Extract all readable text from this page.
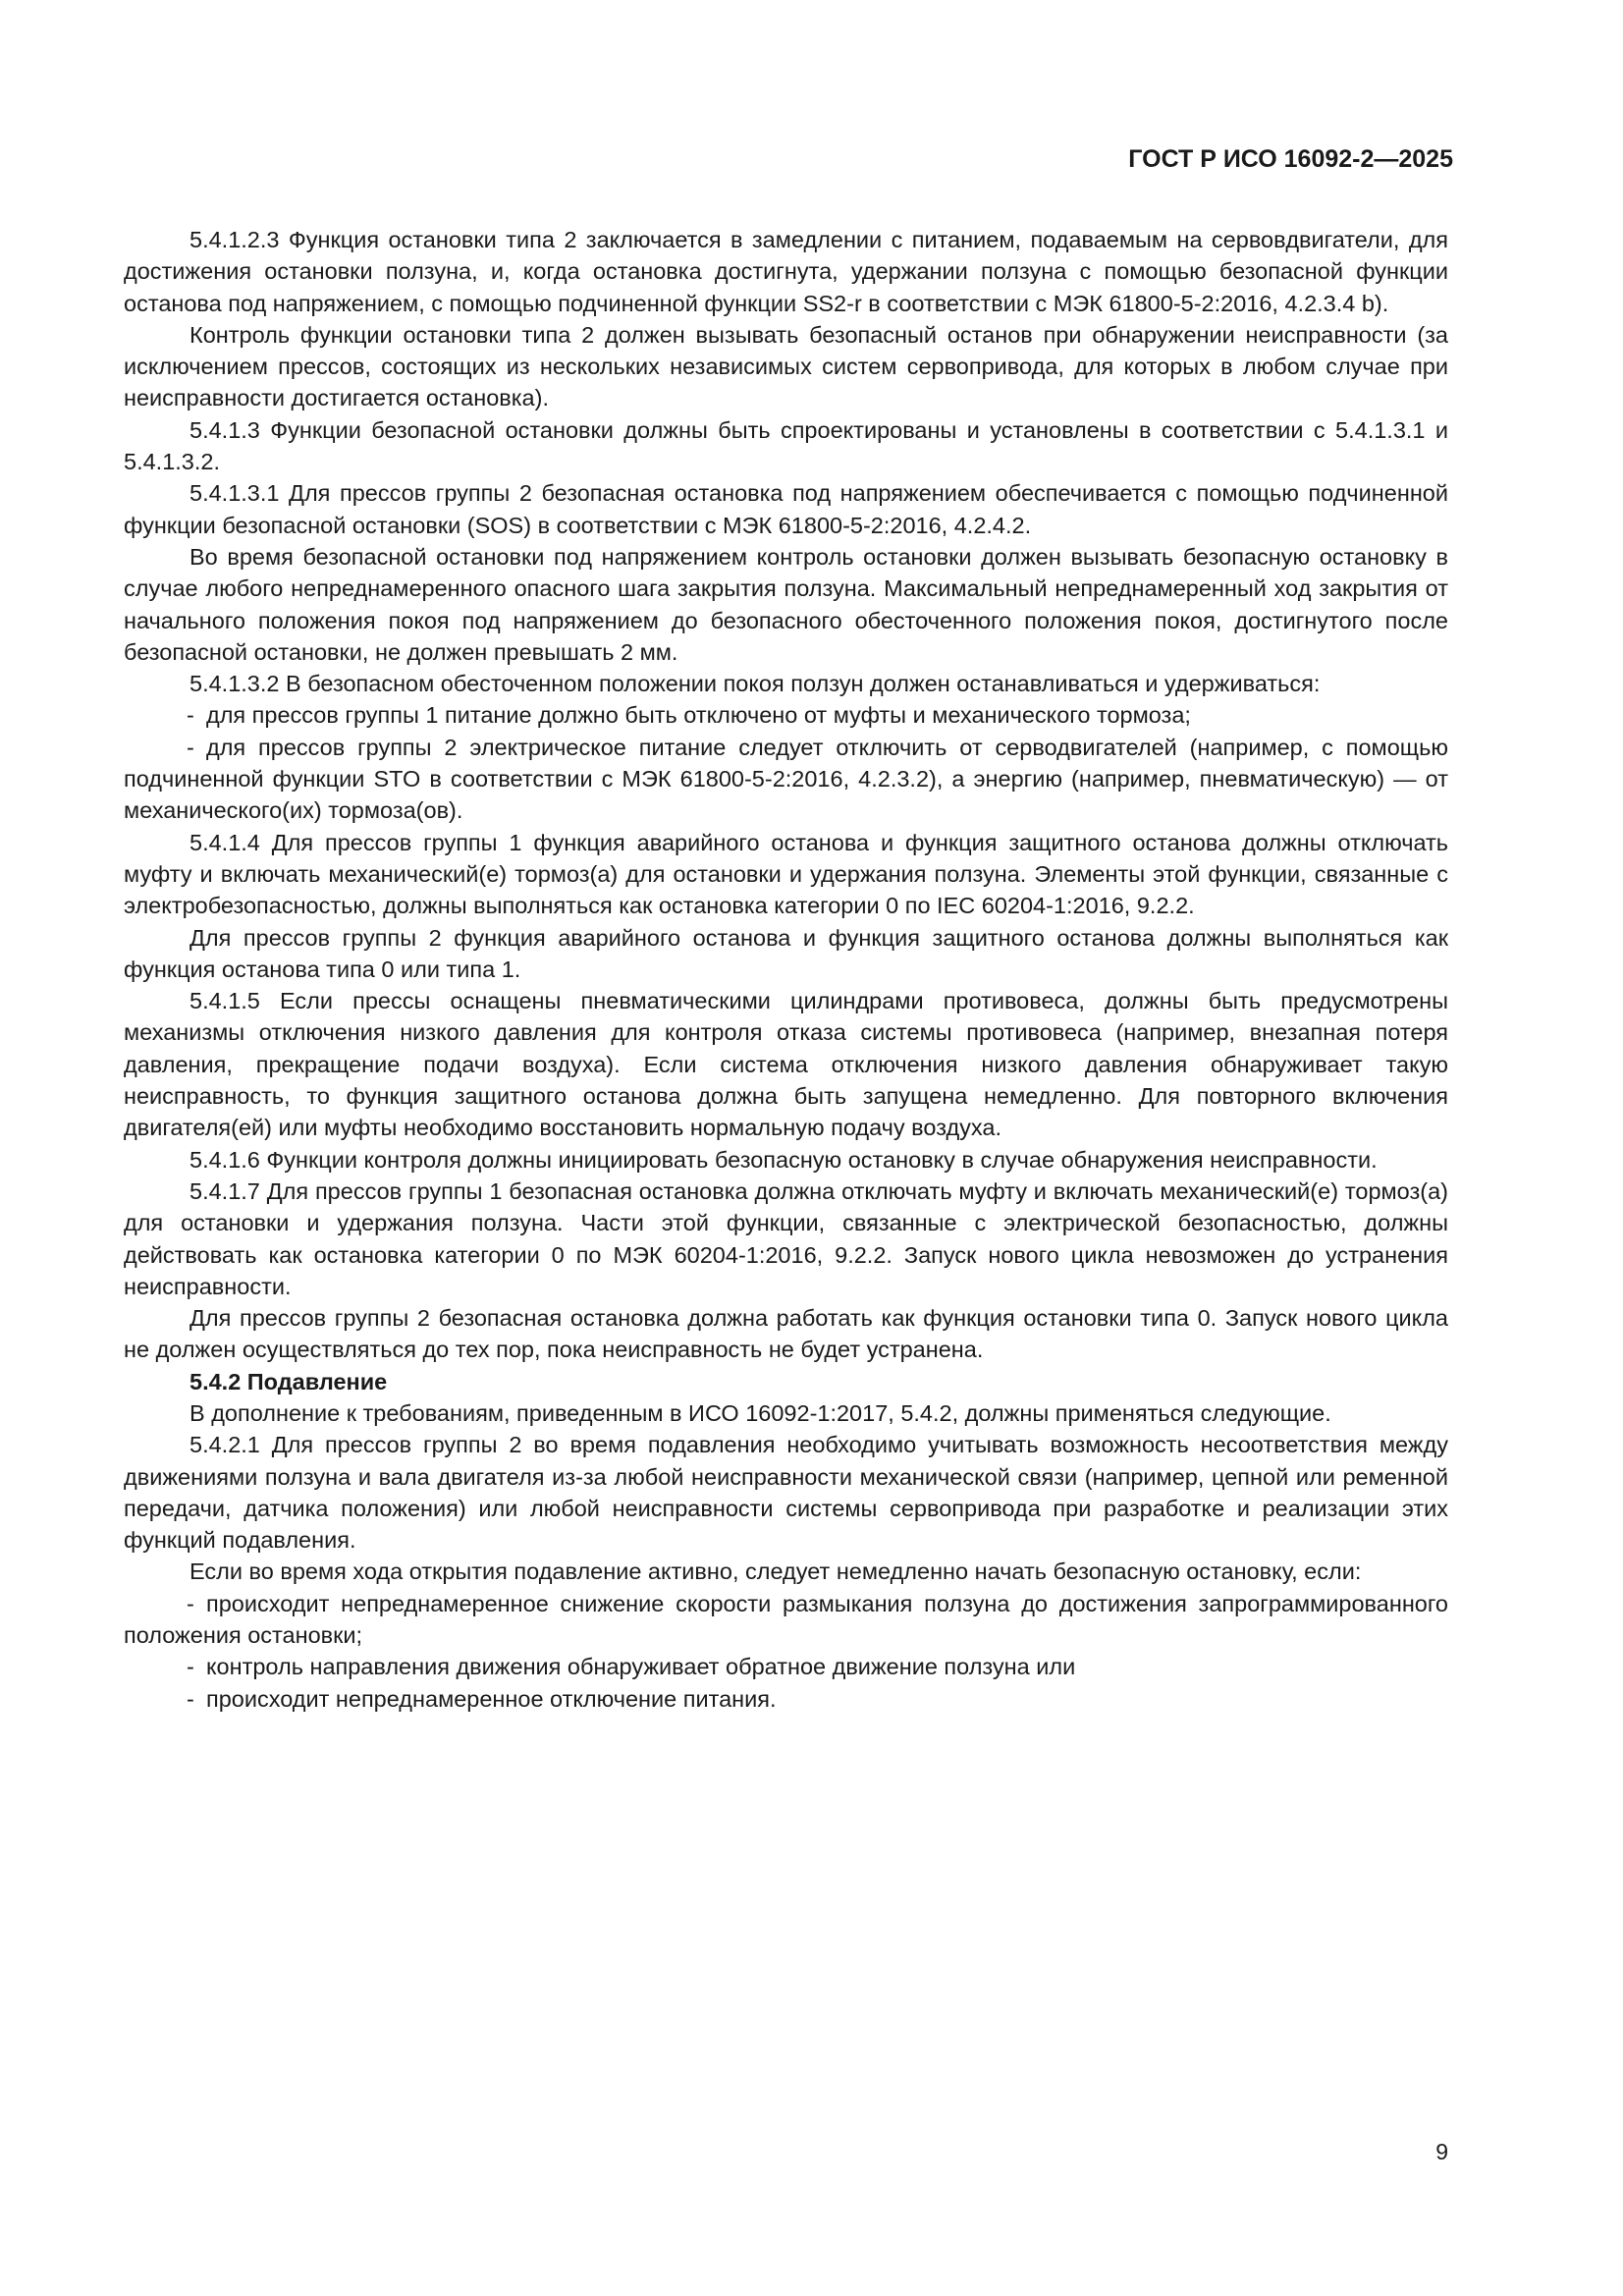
ГОСТ Р ИСО 16092-2—2025

5.4.1.2.3 Функция остановки типа 2 заключается в замедлении с питанием, подаваемым на сервовдвигатели, для достижения остановки ползуна, и, когда остановка достигнута, удержании ползуна с помощью безопасной функции останова под напряжением, с помощью подчиненной функции SS2-r в соответствии с МЭК 61800-5-2:2016, 4.2.3.4 b).

Контроль функции остановки типа 2 должен вызывать безопасный останов при обнаружении неисправности (за исключением прессов, состоящих из нескольких независимых систем сервопривода, для которых в любом случае при неисправности достигается остановка).

5.4.1.3 Функции безопасной остановки должны быть спроектированы и установлены в соответствии с 5.4.1.3.1 и 5.4.1.3.2.

5.4.1.3.1 Для прессов группы 2 безопасная остановка под напряжением обеспечивается с помощью подчиненной функции безопасной остановки (SOS) в соответствии с МЭК 61800-5-2:2016, 4.2.4.2.

Во время безопасной остановки под напряжением контроль остановки должен вызывать безопасную остановку в случае любого непреднамеренного опасного шага закрытия ползуна. Максимальный непреднамеренный ход закрытия от начального положения покоя под напряжением до безопасного обесточенного положения покоя, достигнутого после безопасной остановки, не должен превышать 2 мм.

5.4.1.3.2 В безопасном обесточенном положении покоя ползун должен останавливаться и удерживаться:

- для прессов группы 1 питание должно быть отключено от муфты и механического тормоза;

- для прессов группы 2 электрическое питание следует отключить от серводвигателей (например, с помощью подчиненной функции STO в соответствии с МЭК 61800-5-2:2016, 4.2.3.2), а энергию (например, пневматическую) — от механического(их) тормоза(ов).

5.4.1.4 Для прессов группы 1 функция аварийного останова и функция защитного останова должны отключать муфту и включать механический(е) тормоз(а) для остановки и удержания ползуна. Элементы этой функции, связанные с электробезопасностью, должны выполняться как остановка категории 0 по IEC 60204-1:2016, 9.2.2.

Для прессов группы 2 функция аварийного останова и функция защитного останова должны выполняться как функция останова типа 0 или типа 1.

5.4.1.5 Если прессы оснащены пневматическими цилиндрами противовеса, должны быть предусмотрены механизмы отключения низкого давления для контроля отказа системы противовеса (например, внезапная потеря давления, прекращение подачи воздуха). Если система отключения низкого давления обнаруживает такую неисправность, то функция защитного останова должна быть запущена немедленно. Для повторного включения двигателя(ей) или муфты необходимо восстановить нормальную подачу воздуха.

5.4.1.6 Функции контроля должны инициировать безопасную остановку в случае обнаружения неисправности.

5.4.1.7 Для прессов группы 1 безопасная остановка должна отключать муфту и включать механический(е) тормоз(а) для остановки и удержания ползуна. Части этой функции, связанные с электрической безопасностью, должны действовать как остановка категории 0 по МЭК 60204-1:2016, 9.2.2. Запуск нового цикла невозможен до устранения неисправности.

Для прессов группы 2 безопасная остановка должна работать как функция остановки типа 0. Запуск нового цикла не должен осуществляться до тех пор, пока неисправность не будет устранена.

5.4.2 Подавление

В дополнение к требованиям, приведенным в ИСО 16092-1:2017, 5.4.2, должны применяться следующие.

5.4.2.1 Для прессов группы 2 во время подавления необходимо учитывать возможность несоответствия между движениями ползуна и вала двигателя из-за любой неисправности механической связи (например, цепной или ременной передачи, датчика положения) или любой неисправности системы сервопривода при разработке и реализации этих функций подавления.

Если во время хода открытия подавление активно, следует немедленно начать безопасную остановку, если:

- происходит непреднамеренное снижение скорости размыкания ползуна до достижения запрограммированного положения остановки;

- контроль направления движения обнаруживает обратное движение ползуна или

- происходит непреднамеренное отключение питания.

9
